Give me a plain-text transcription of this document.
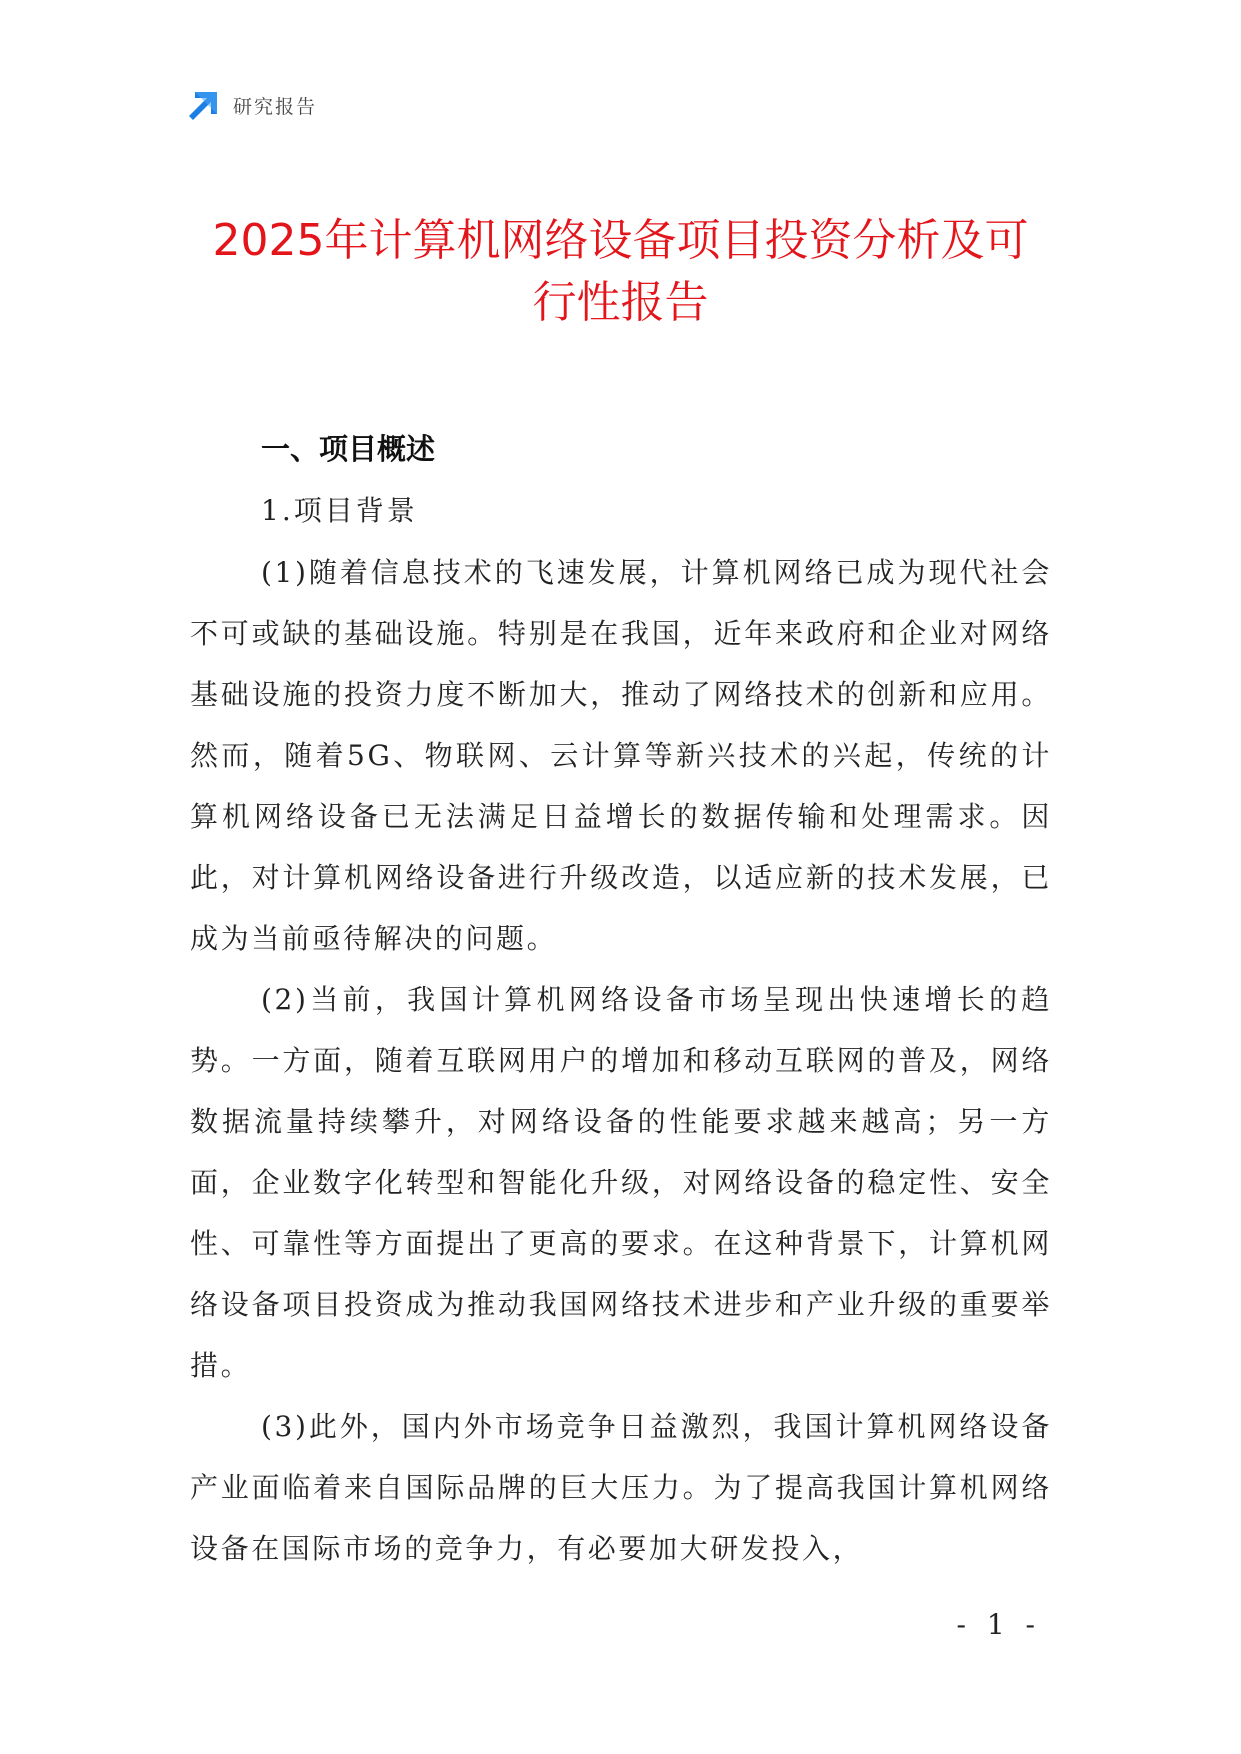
研究报告
2025年计算机网络设备项目投资分析及可
行性报告

一、项目概述

1.项目背景

(1)随着信息技术的飞速发展，计算机网络已成为现代社会不可或缺的基础设施。特别是在我国，近年来政府和企业对网络基础设施的投资力度不断加大，推动了网络技术的创新和应用。然而，随着5G、物联网、云计算等新兴技术的兴起，传统的计算机网络设备已无法满足日益增长的数据传输和处理需求。因此，对计算机网络设备进行升级改造，以适应新的技术发展，已成为当前亟待解决的问题。

(2)当前，我国计算机网络设备市场呈现出快速增长的趋势。一方面，随着互联网用户的增加和移动互联网的普及，网络数据流量持续攀升，对网络设备的性能要求越来越高；另一方面，企业数字化转型和智能化升级，对网络设备的稳定性、安全性、可靠性等方面提出了更高的要求。在这种背景下，计算机网络设备项目投资成为推动我国网络技术进步和产业升级的重要举措。

(3)此外，国内外市场竞争日益激烈，我国计算机网络设备产业面临着来自国际品牌的巨大压力。为了提高我国计算机网络设备在国际市场的竞争力，有必要加大研发投入，

- 1 -
